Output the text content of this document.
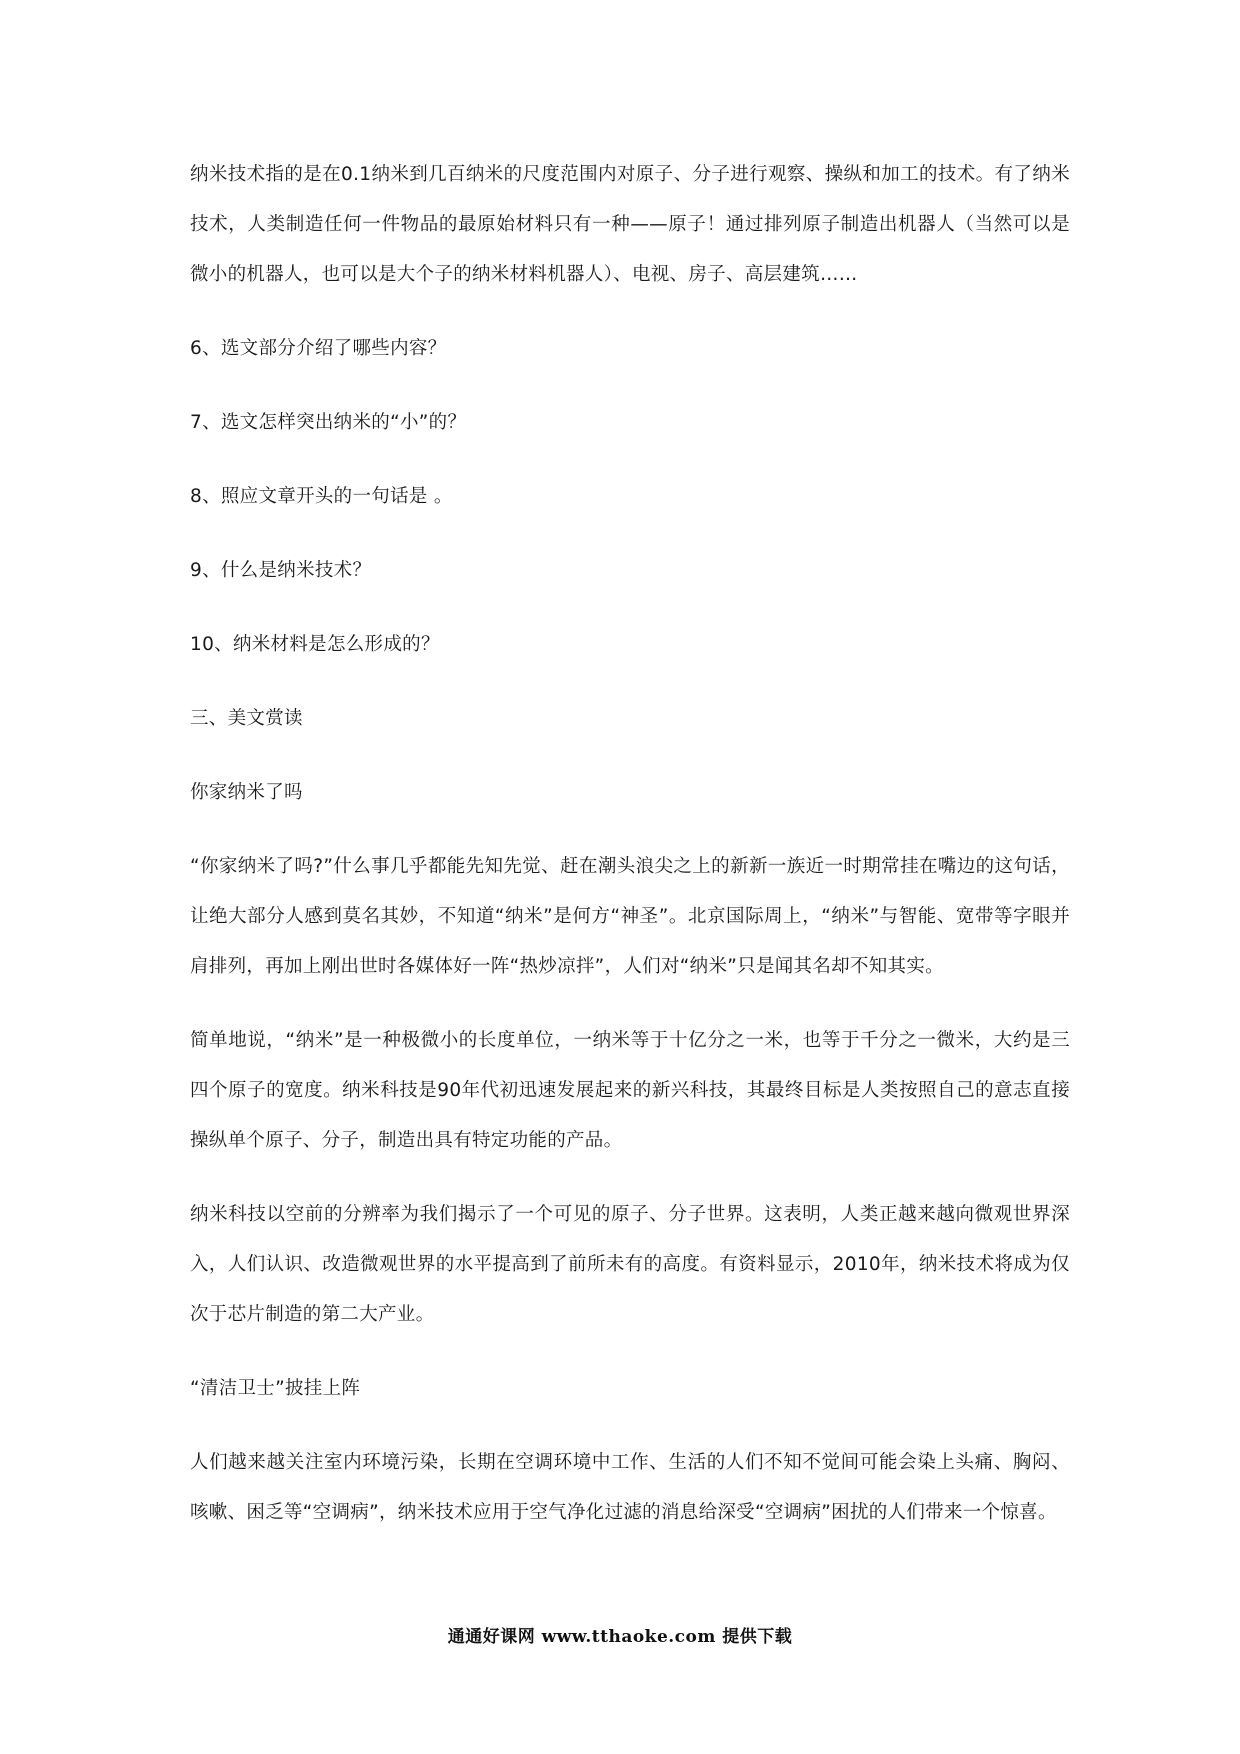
纳米技术指的是在0.1纳米到几百纳米的尺度范围内对原子、分子进行观察、操纵和加工的技术。有了纳米技术，人类制造任何一件物品的最原始材料只有一种——原子！通过排列原子制造出机器人（当然可以是微小的机器人，也可以是大个子的纳米材料机器人）、电视、房子、高层建筑……

6、选文部分介绍了哪些内容？

7、选文怎样突出纳米的“小”的？

8、照应文章开头的一句话是 。

9、什么是纳米技术？

10、纳米材料是怎么形成的？

三、美文赏读

你家纳米了吗

“你家纳米了吗?”什么事几乎都能先知先觉、赶在潮头浪尖之上的新新一族近一时期常挂在嘴边的这句话，让绝大部分人感到莫名其妙，不知道“纳米”是何方“神圣”。北京国际周上，“纳米”与智能、宽带等字眼并肩排列，再加上刚出世时各媒体好一阵“热炒凉拌”，人们对“纳米”只是闻其名却不知其实。

简单地说，“纳米”是一种极微小的长度单位，一纳米等于十亿分之一米，也等于千分之一微米，大约是三四个原子的宽度。纳米科技是90年代初迅速发展起来的新兴科技，其最终目标是人类按照自己的意志直接操纵单个原子、分子，制造出具有特定功能的产品。

纳米科技以空前的分辨率为我们揭示了一个可见的原子、分子世界。这表明，人类正越来越向微观世界深入，人们认识、改造微观世界的水平提高到了前所未有的高度。有资料显示，2010年，纳米技术将成为仅次于芯片制造的第二大产业。

“清洁卫士”披挂上阵

人们越来越关注室内环境污染，长期在空调环境中工作、生活的人们不知不觉间可能会染上头痛、胸闷、咳嗽、困乏等“空调病”，纳米技术应用于空气净化过滤的消息给深受“空调病”困扰的人们带来一个惊喜。

通通好课网 www.tthaoke.com 提供下载
